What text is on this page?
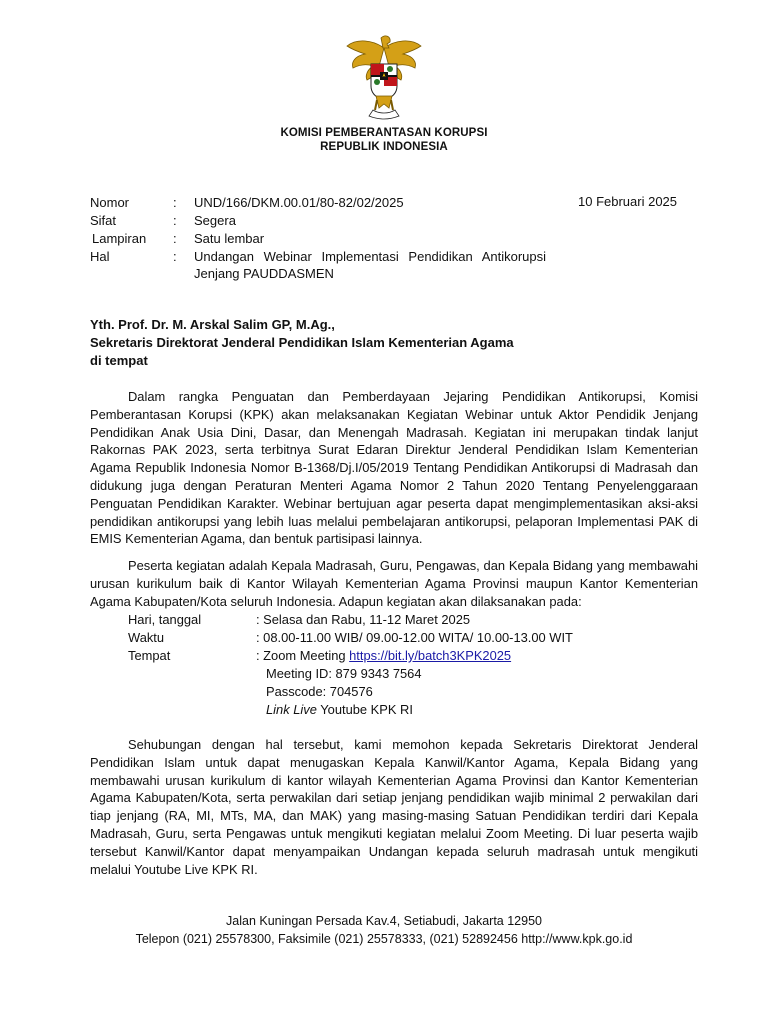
KOMISI PEMBERANTASAN KORUPSI
REPUBLIK INDONESIA
Nomor	: UND/166/DKM.00.01/80-82/02/2025	10 Februari 2025
Sifat	: Segera
Lampiran : Satu lembar
Hal	: Undangan Webinar Implementasi Pendidikan Antikorupsi Jenjang PAUDDASMEN
Yth. Prof. Dr. M. Arskal Salim GP, M.Ag.,
Sekretaris Direktorat Jenderal Pendidikan Islam Kementerian Agama
di tempat
Dalam rangka Penguatan dan Pemberdayaan Jejaring Pendidikan Antikorupsi, Komisi Pemberantasan Korupsi (KPK) akan melaksanakan Kegiatan Webinar untuk Aktor Pendidik Jenjang Pendidikan Anak Usia Dini, Dasar, dan Menengah Madrasah. Kegiatan ini merupakan tindak lanjut Rakornas PAK 2023, serta terbitnya Surat Edaran Direktur Jenderal Pendidikan Islam Kementerian Agama Republik Indonesia Nomor B-1368/Dj.I/05/2019 Tentang Pendidikan Antikorupsi di Madrasah dan didukung juga dengan Peraturan Menteri Agama Nomor 2 Tahun 2020 Tentang Penyelenggaraan Penguatan Pendidikan Karakter. Webinar bertujuan agar peserta dapat mengimplementasikan aksi-aksi pendidikan antikorupsi yang lebih luas melalui pembelajaran antikorupsi, pelaporan Implementasi PAK di EMIS Kementerian Agama, dan bentuk partisipasi lainnya.
Peserta kegiatan adalah Kepala Madrasah, Guru, Pengawas, dan Kepala Bidang yang membawahi urusan kurikulum baik di Kantor Wilayah Kementerian Agama Provinsi maupun Kantor Kementerian Agama Kabupaten/Kota seluruh Indonesia. Adapun kegiatan akan dilaksanakan pada:
Hari, tanggal	: Selasa dan Rabu, 11-12 Maret 2025
Waktu	: 08.00-11.00 WIB/ 09.00-12.00 WITA/ 10.00-13.00 WIT
Tempat	: Zoom Meeting https://bit.ly/batch3KPK2025
Meeting ID: 879 9343 7564
Passcode: 704576
Link Live Youtube KPK RI
Sehubungan dengan hal tersebut, kami memohon kepada Sekretaris Direktorat Jenderal Pendidikan Islam untuk dapat menugaskan Kepala Kanwil/Kantor Agama, Kepala Bidang yang membawahi urusan kurikulum di kantor wilayah Kementerian Agama Provinsi dan Kantor Kementerian Agama Kabupaten/Kota, serta perwakilan dari setiap jenjang pendidikan wajib minimal 2 perwakilan dari tiap jenjang (RA, MI, MTs, MA, dan MAK) yang masing-masing Satuan Pendidikan terdiri dari Kepala Madrasah, Guru, serta Pengawas untuk mengikuti kegiatan melalui Zoom Meeting. Di luar peserta wajib tersebut Kanwil/Kantor dapat menyampaikan Undangan kepada seluruh madrasah untuk mengikuti melalui Youtube Live KPK RI.
Jalan Kuningan Persada Kav.4, Setiabudi, Jakarta 12950
Telepon (021) 25578300, Faksimile (021) 25578333, (021) 52892456 http://www.kpk.go.id
